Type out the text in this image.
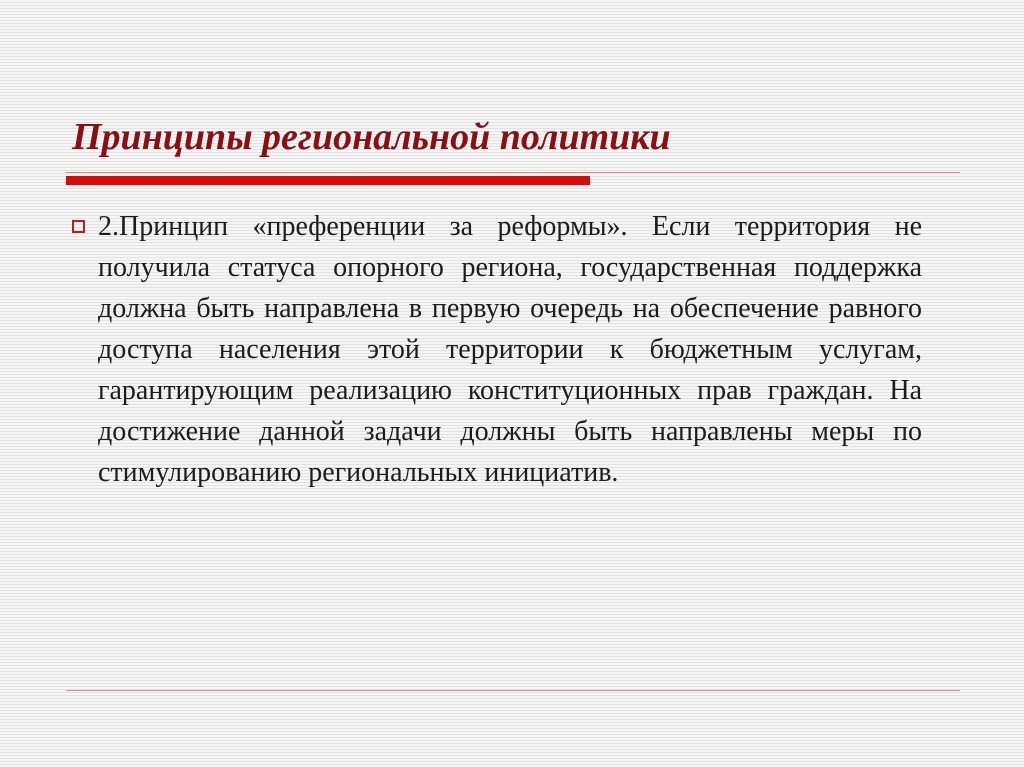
Принципы региональной политики

2.Принцип «преференции за реформы». Если территория не получила статуса опорного региона, государственная поддержка должна быть направлена в первую очередь на обеспечение равного доступа населения этой территории к бюджетным услугам, гарантирующим реализацию конституционных прав граждан. На достижение данной задачи должны быть направлены меры по стимулированию региональных инициатив.
